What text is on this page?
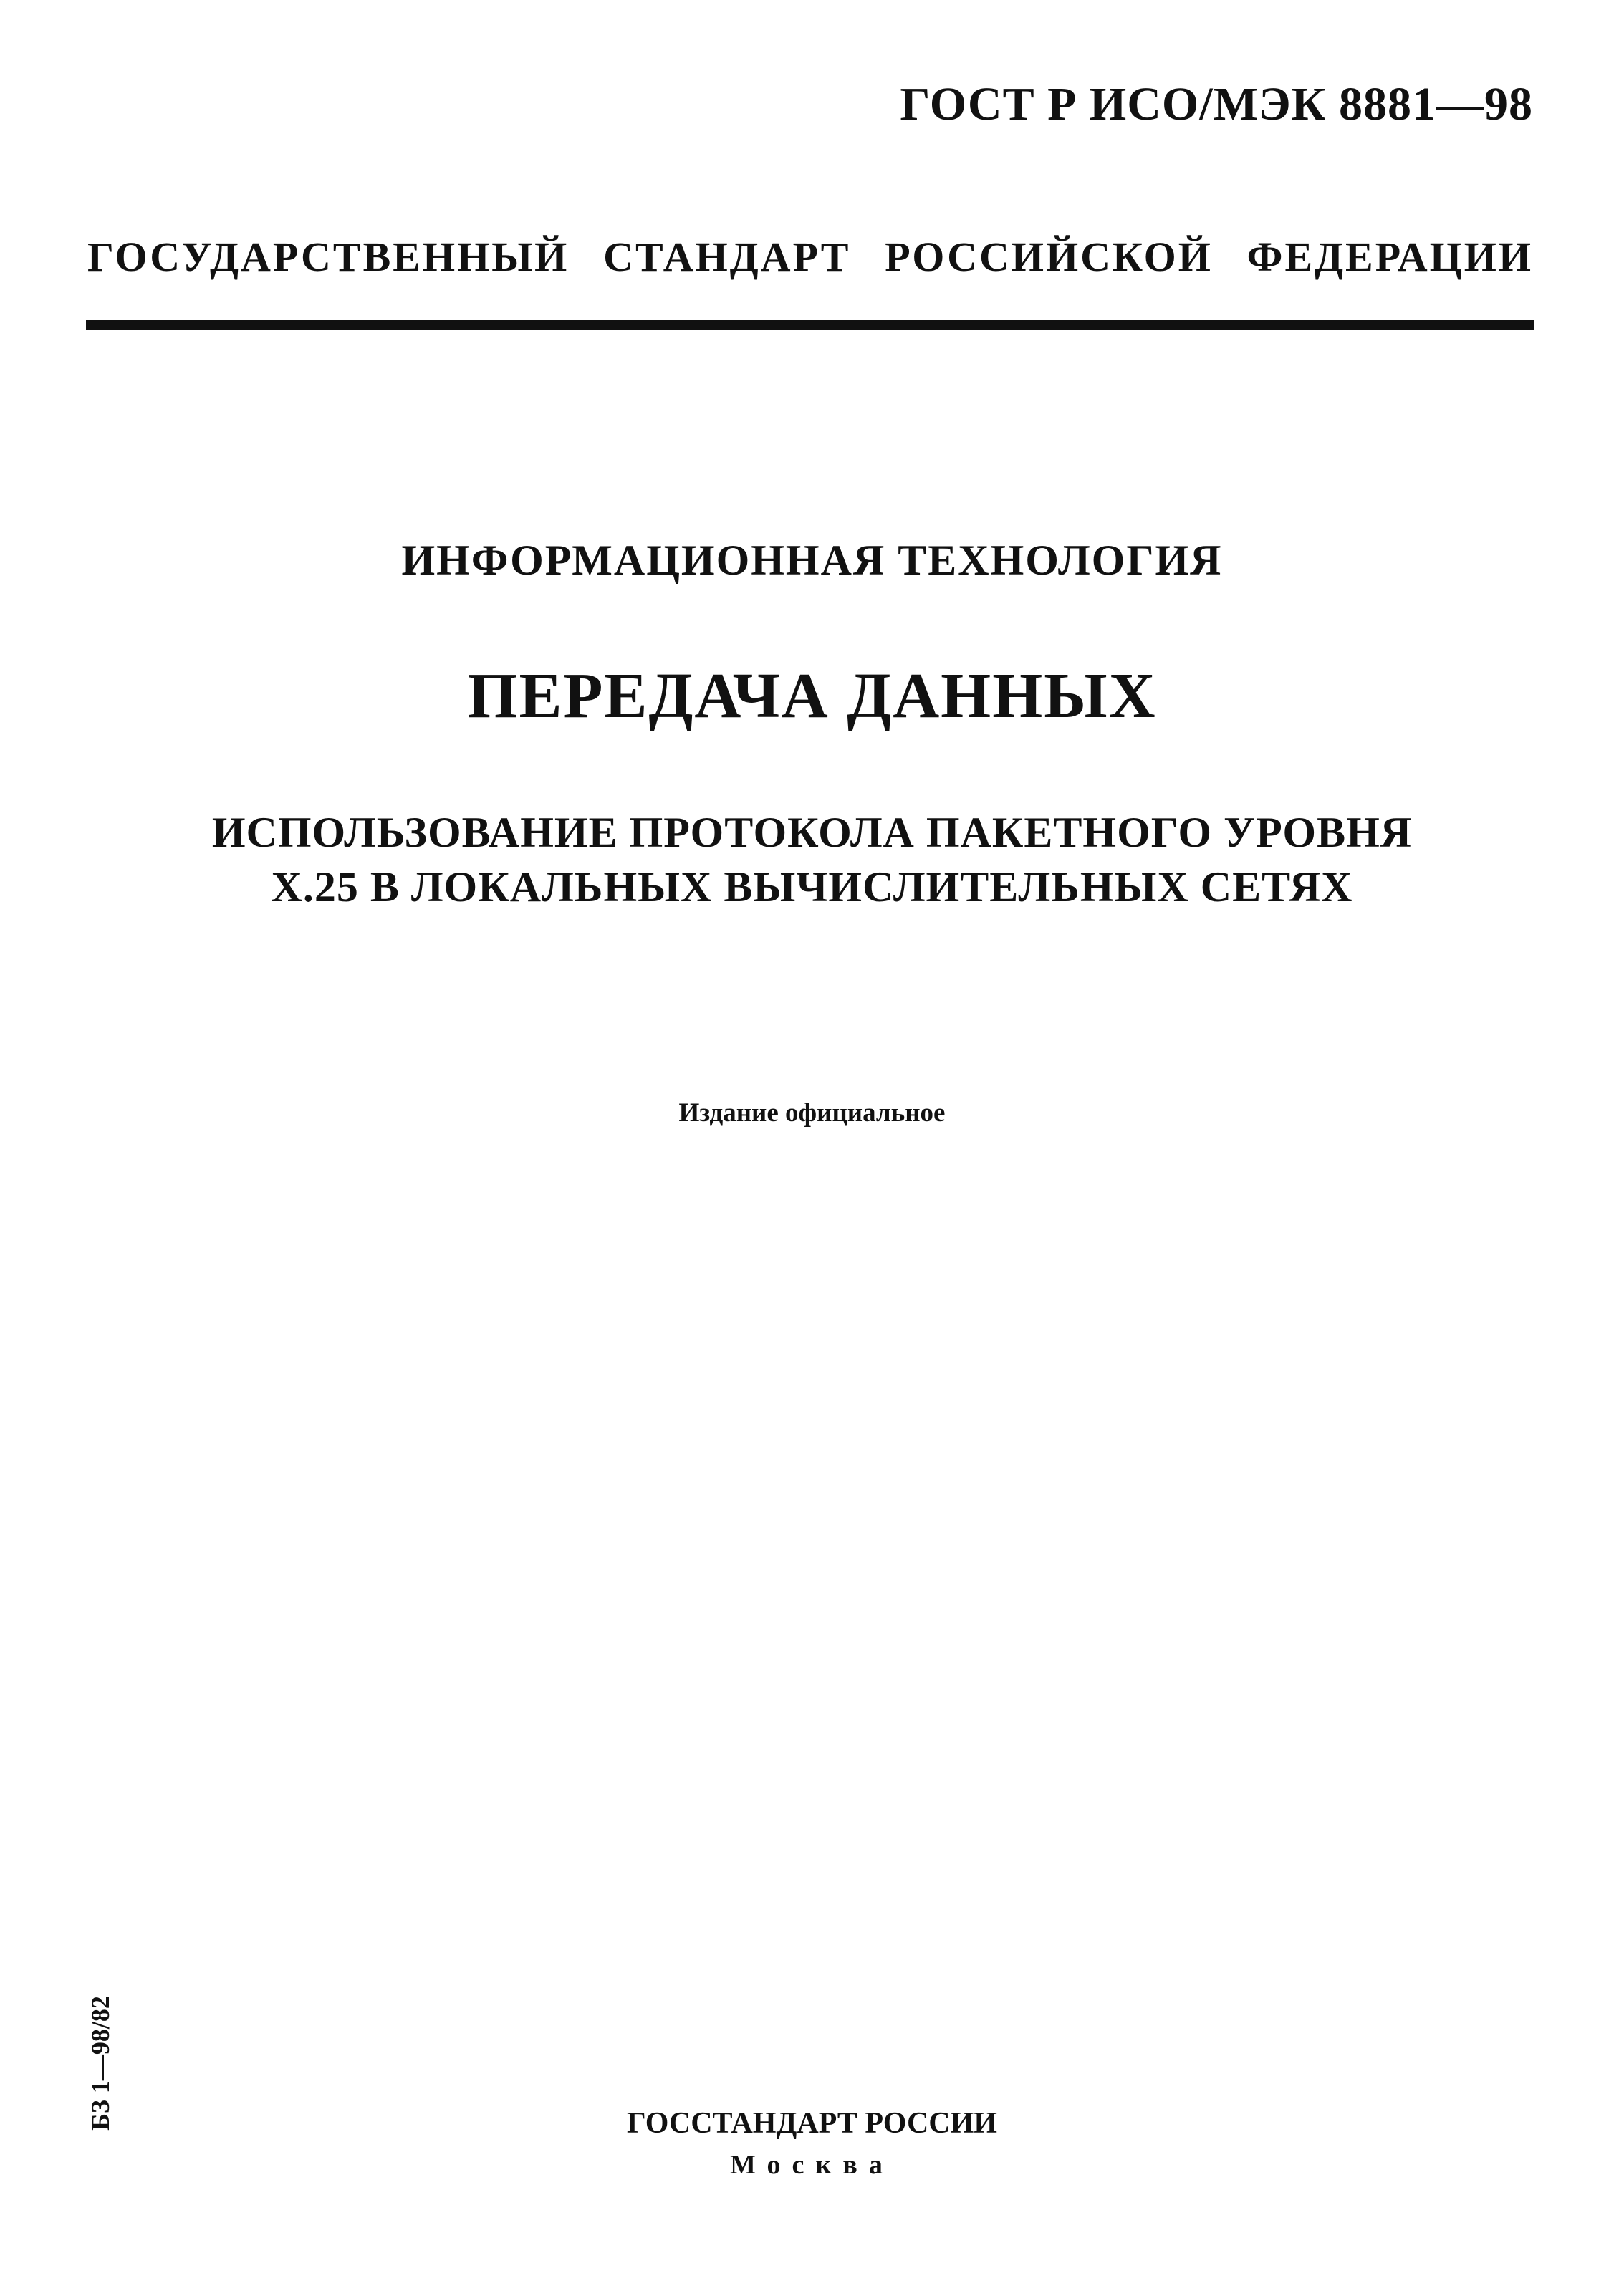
ГОСТ Р ИСО/МЭК 8881—98
ГОСУДАРСТВЕННЫЙ СТАНДАРТ РОССИЙСКОЙ ФЕДЕРАЦИИ
ИНФОРМАЦИОННАЯ ТЕХНОЛОГИЯ
ПЕРЕДАЧА ДАННЫХ
ИСПОЛЬЗОВАНИЕ ПРОТОКОЛА ПАКЕТНОГО УРОВНЯ
Х.25 В ЛОКАЛЬНЫХ ВЫЧИСЛИТЕЛЬНЫХ СЕТЯХ
Издание официальное
БЗ 1—98/82	ГОССТАНДАРТ РОССИИ
Москва
